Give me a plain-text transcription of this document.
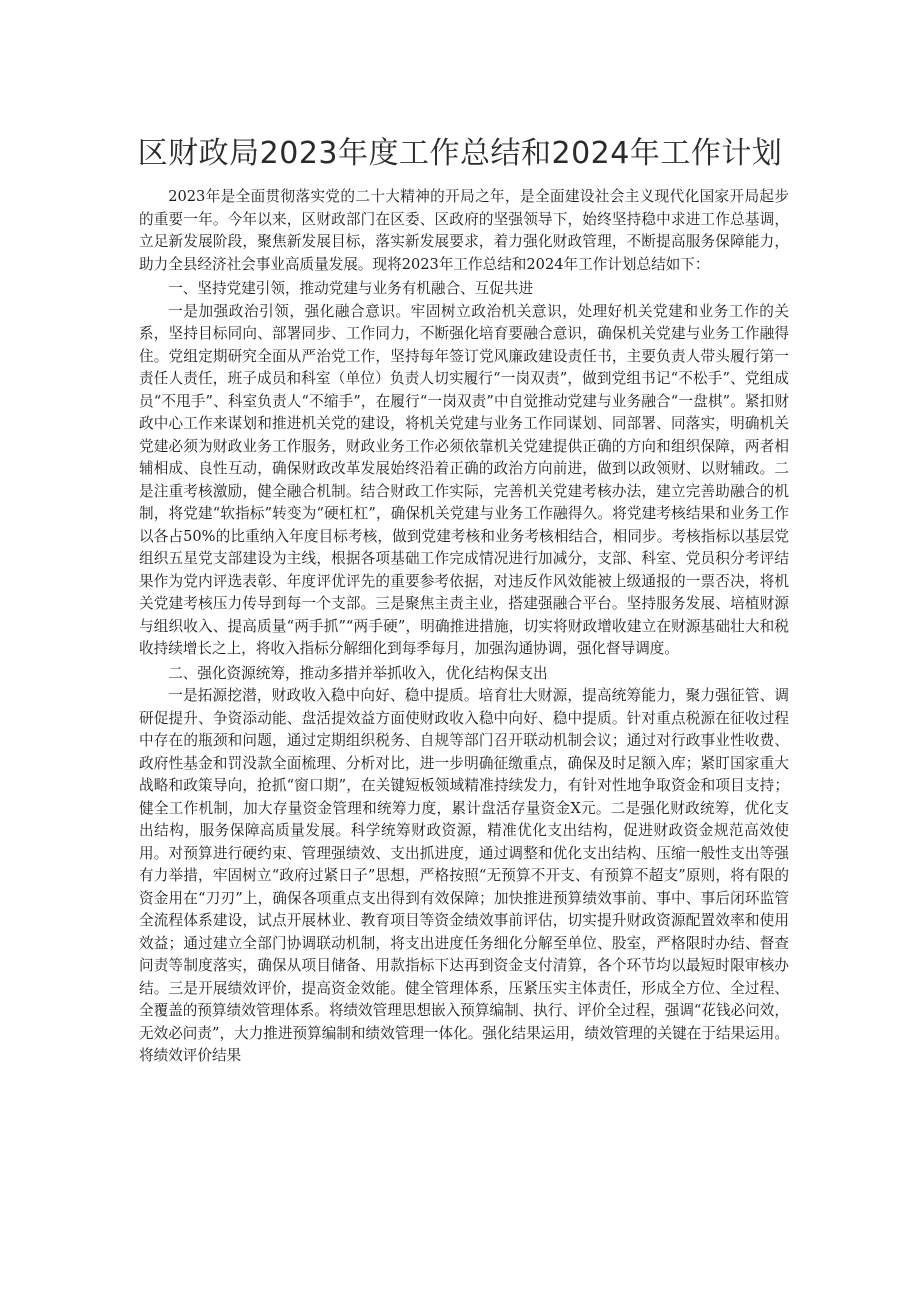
区财政局2023年度工作总结和2024年工作计划

2023年是全面贯彻落实党的二十大精神的开局之年，是全面建设社会主义现代化国家开局起步的重要一年。今年以来，区财政部门在区委、区政府的坚强领导下，始终坚持稳中求进工作总基调，立足新发展阶段，聚焦新发展目标，落实新发展要求，着力强化财政管理，不断提高服务保障能力，助力全县经济社会事业高质量发展。现将2023年工作总结和2024年工作计划总结如下：

一、坚持党建引领，推动党建与业务有机融合、互促共进

一是加强政治引领，强化融合意识。牢固树立政治机关意识，处理好机关党建和业务工作的关系，坚持目标同向、部署同步、工作同力，不断强化培育要融合意识，确保机关党建与业务工作融得住。党组定期研究全面从严治党工作，坚持每年签订党风廉政建设责任书，主要负责人带头履行第一责任人责任，班子成员和科室（单位）负责人切实履行“一岗双责”，做到党组书记“不松手”、党组成员“不甩手”、科室负责人“不缩手”，在履行“一岗双责”中自觉推动党建与业务融合“一盘棋”。紧扣财政中心工作来谋划和推进机关党的建设，将机关党建与业务工作同谋划、同部署、同落实，明确机关党建必须为财政业务工作服务，财政业务工作必须依靠机关党建提供正确的方向和组织保障，两者相辅相成、良性互动，确保财政改革发展始终沿着正确的政治方向前进，做到以政领财、以财辅政。二是注重考核激励，健全融合机制。结合财政工作实际，完善机关党建考核办法，建立完善助融合的机制，将党建“软指标”转变为“硬杠杠”，确保机关党建与业务工作融得久。将党建考核结果和业务工作以各占50%的比重纳入年度目标考核，做到党建考核和业务考核相结合，相同步。考核指标以基层党组织五星党支部建设为主线，根据各项基础工作完成情况进行加减分，支部、科室、党员积分考评结果作为党内评选表彰、年度评优评先的重要参考依据，对违反作风效能被上级通报的一票否决，将机关党建考核压力传导到每一个支部。三是聚焦主责主业，搭建强融合平台。坚持服务发展、培植财源与组织收入、提高质量“两手抓”“两手硬”，明确推进措施，切实将财政增收建立在财源基础壮大和税收持续增长之上，将收入指标分解细化到每季每月，加强沟通协调，强化督导调度。

二、强化资源统筹，推动多措并举抓收入，优化结构保支出

一是拓源挖潜，财政收入稳中向好、稳中提质。培育壮大财源，提高统筹能力，聚力强征管、调研促提升、争资添动能、盘活提效益方面使财政收入稳中向好、稳中提质。针对重点税源在征收过程中存在的瓶颈和问题，通过定期组织税务、自规等部门召开联动机制会议；通过对行政事业性收费、政府性基金和罚没款全面梳理、分析对比，进一步明确征缴重点，确保及时足额入库；紧盯国家重大战略和政策导向，抢抓“窗口期”，在关键短板领域精准持续发力，有针对性地争取资金和项目支持；健全工作机制，加大存量资金管理和统筹力度，累计盘活存量资金X元。二是强化财政统筹，优化支出结构，服务保障高质量发展。科学统筹财政资源，精准优化支出结构，促进财政资金规范高效使用。对预算进行硬约束、管理强绩效、支出抓进度，通过调整和优化支出结构、压缩一般性支出等强有力举措，牢固树立“政府过紧日子”思想，严格按照“无预算不开支、有预算不超支”原则，将有限的资金用在“刀刃”上，确保各项重点支出得到有效保障；加快推进预算绩效事前、事中、事后闭环监管全流程体系建设，试点开展林业、教育项目等资金绩效事前评估，切实提升财政资源配置效率和使用效益；通过建立全部门协调联动机制，将支出进度任务细化分解至单位、股室，严格限时办结、督查问责等制度落实，确保从项目储备、用款指标下达再到资金支付清算，各个环节均以最短时限审核办结。三是开展绩效评价，提高资金效能。健全管理体系，压紧压实主体责任，形成全方位、全过程、全覆盖的预算绩效管理体系。将绩效管理思想嵌入预算编制、执行、评价全过程，强调“花钱必问效，无效必问责”，大力推进预算编制和绩效管理一体化。强化结果运用，绩效管理的关键在于结果运用。将绩效评价结果
